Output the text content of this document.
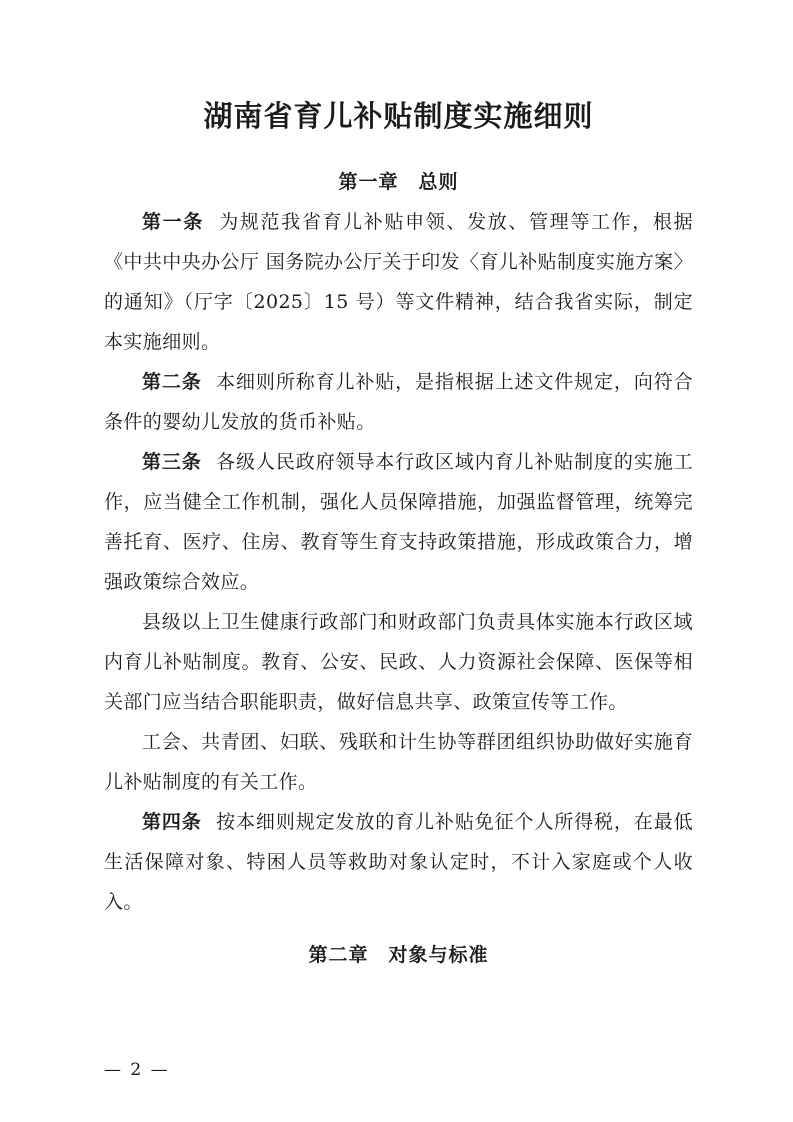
湖南省育儿补贴制度实施细则
第一章 总则

第一条 为规范我省育儿补贴申领、发放、管理等工作，根据《中共中央办公厅 国务院办公厅关于印发〈育儿补贴制度实施方案〉的通知》（厅字〔2025〕15 号）等文件精神，结合我省实际，制定本实施细则。

第二条 本细则所称育儿补贴，是指根据上述文件规定，向符合条件的婴幼儿发放的货币补贴。

第三条 各级人民政府领导本行政区域内育儿补贴制度的实施工作，应当健全工作机制，强化人员保障措施，加强监督管理，统筹完善托育、医疗、住房、教育等生育支持政策措施，形成政策合力，增强政策综合效应。

县级以上卫生健康行政部门和财政部门负责具体实施本行政区域内育儿补贴制度。教育、公安、民政、人力资源社会保障、医保等相关部门应当结合职能职责，做好信息共享、政策宣传等工作。

工会、共青团、妇联、残联和计生协等群团组织协助做好实施育儿补贴制度的有关工作。

第四条 按本细则规定发放的育儿补贴免征个人所得税，在最低生活保障对象、特困人员等救助对象认定时，不计入家庭或个人收入。

第二章 对象与标准
— 2 —
